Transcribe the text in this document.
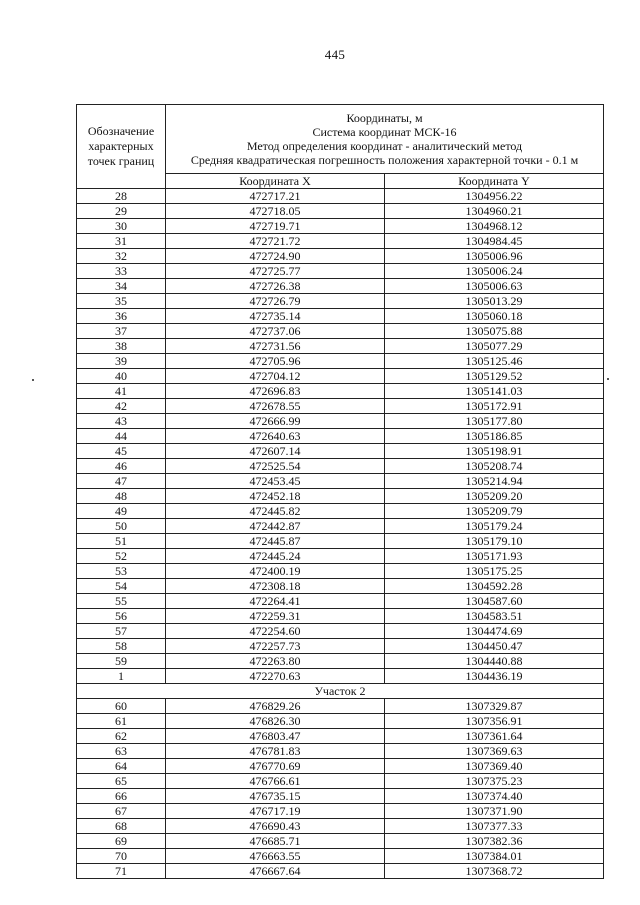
445
Обозначение
характерных
точек границ	Координаты, м
Система координат МСК-16
Метод определения координат - аналитический метод
Средняя квадратическая погрешность положения характерной точки - 0.1 м	

	Координата X	Координата Y
28	472717.21	1304956.22
29	472718.05	1304960.21
30	472719.71	1304968.12
31	472721.72	1304984.45
32	472724.90	1305006.96
33	472725.77	1305006.24
34	472726.38	1305006.63
35	472726.79	1305013.29
36	472735.14	1305060.18
37	472737.06	1305075.88
38	472731.56	1305077.29
39	472705.96	1305125.46
40	472704.12	1305129.52
41	472696.83	1305141.03
42	472678.55	1305172.91
43	472666.99	1305177.80
44	472640.63	1305186.85
45	472607.14	1305198.91
46	472525.54	1305208.74
47	472453.45	1305214.94
48	472452.18	1305209.20
49	472445.82	1305209.79
50	472442.87	1305179.24
51	472445.87	1305179.10
52	472445.24	1305171.93
53	472400.19	1305175.25
54	472308.18	1304592.28
55	472264.41	1304587.60
56	472259.31	1304583.51
57	472254.60	1304474.69
58	472257.73	1304450.47
59	472263.80	1304440.88
1	472270.63	1304436.19
Участок 2		
60	476829.26	1307329.87
61	476826.30	1307356.91
62	476803.47	1307361.64
63	476781.83	1307369.63
64	476770.69	1307369.40
65	476766.61	1307375.23
66	476735.15	1307374.40
67	476717.19	1307371.90
68	476690.43	1307377.33
69	476685.71	1307382.36
70	476663.55	1307384.01
71	476667.64	1307368.72
